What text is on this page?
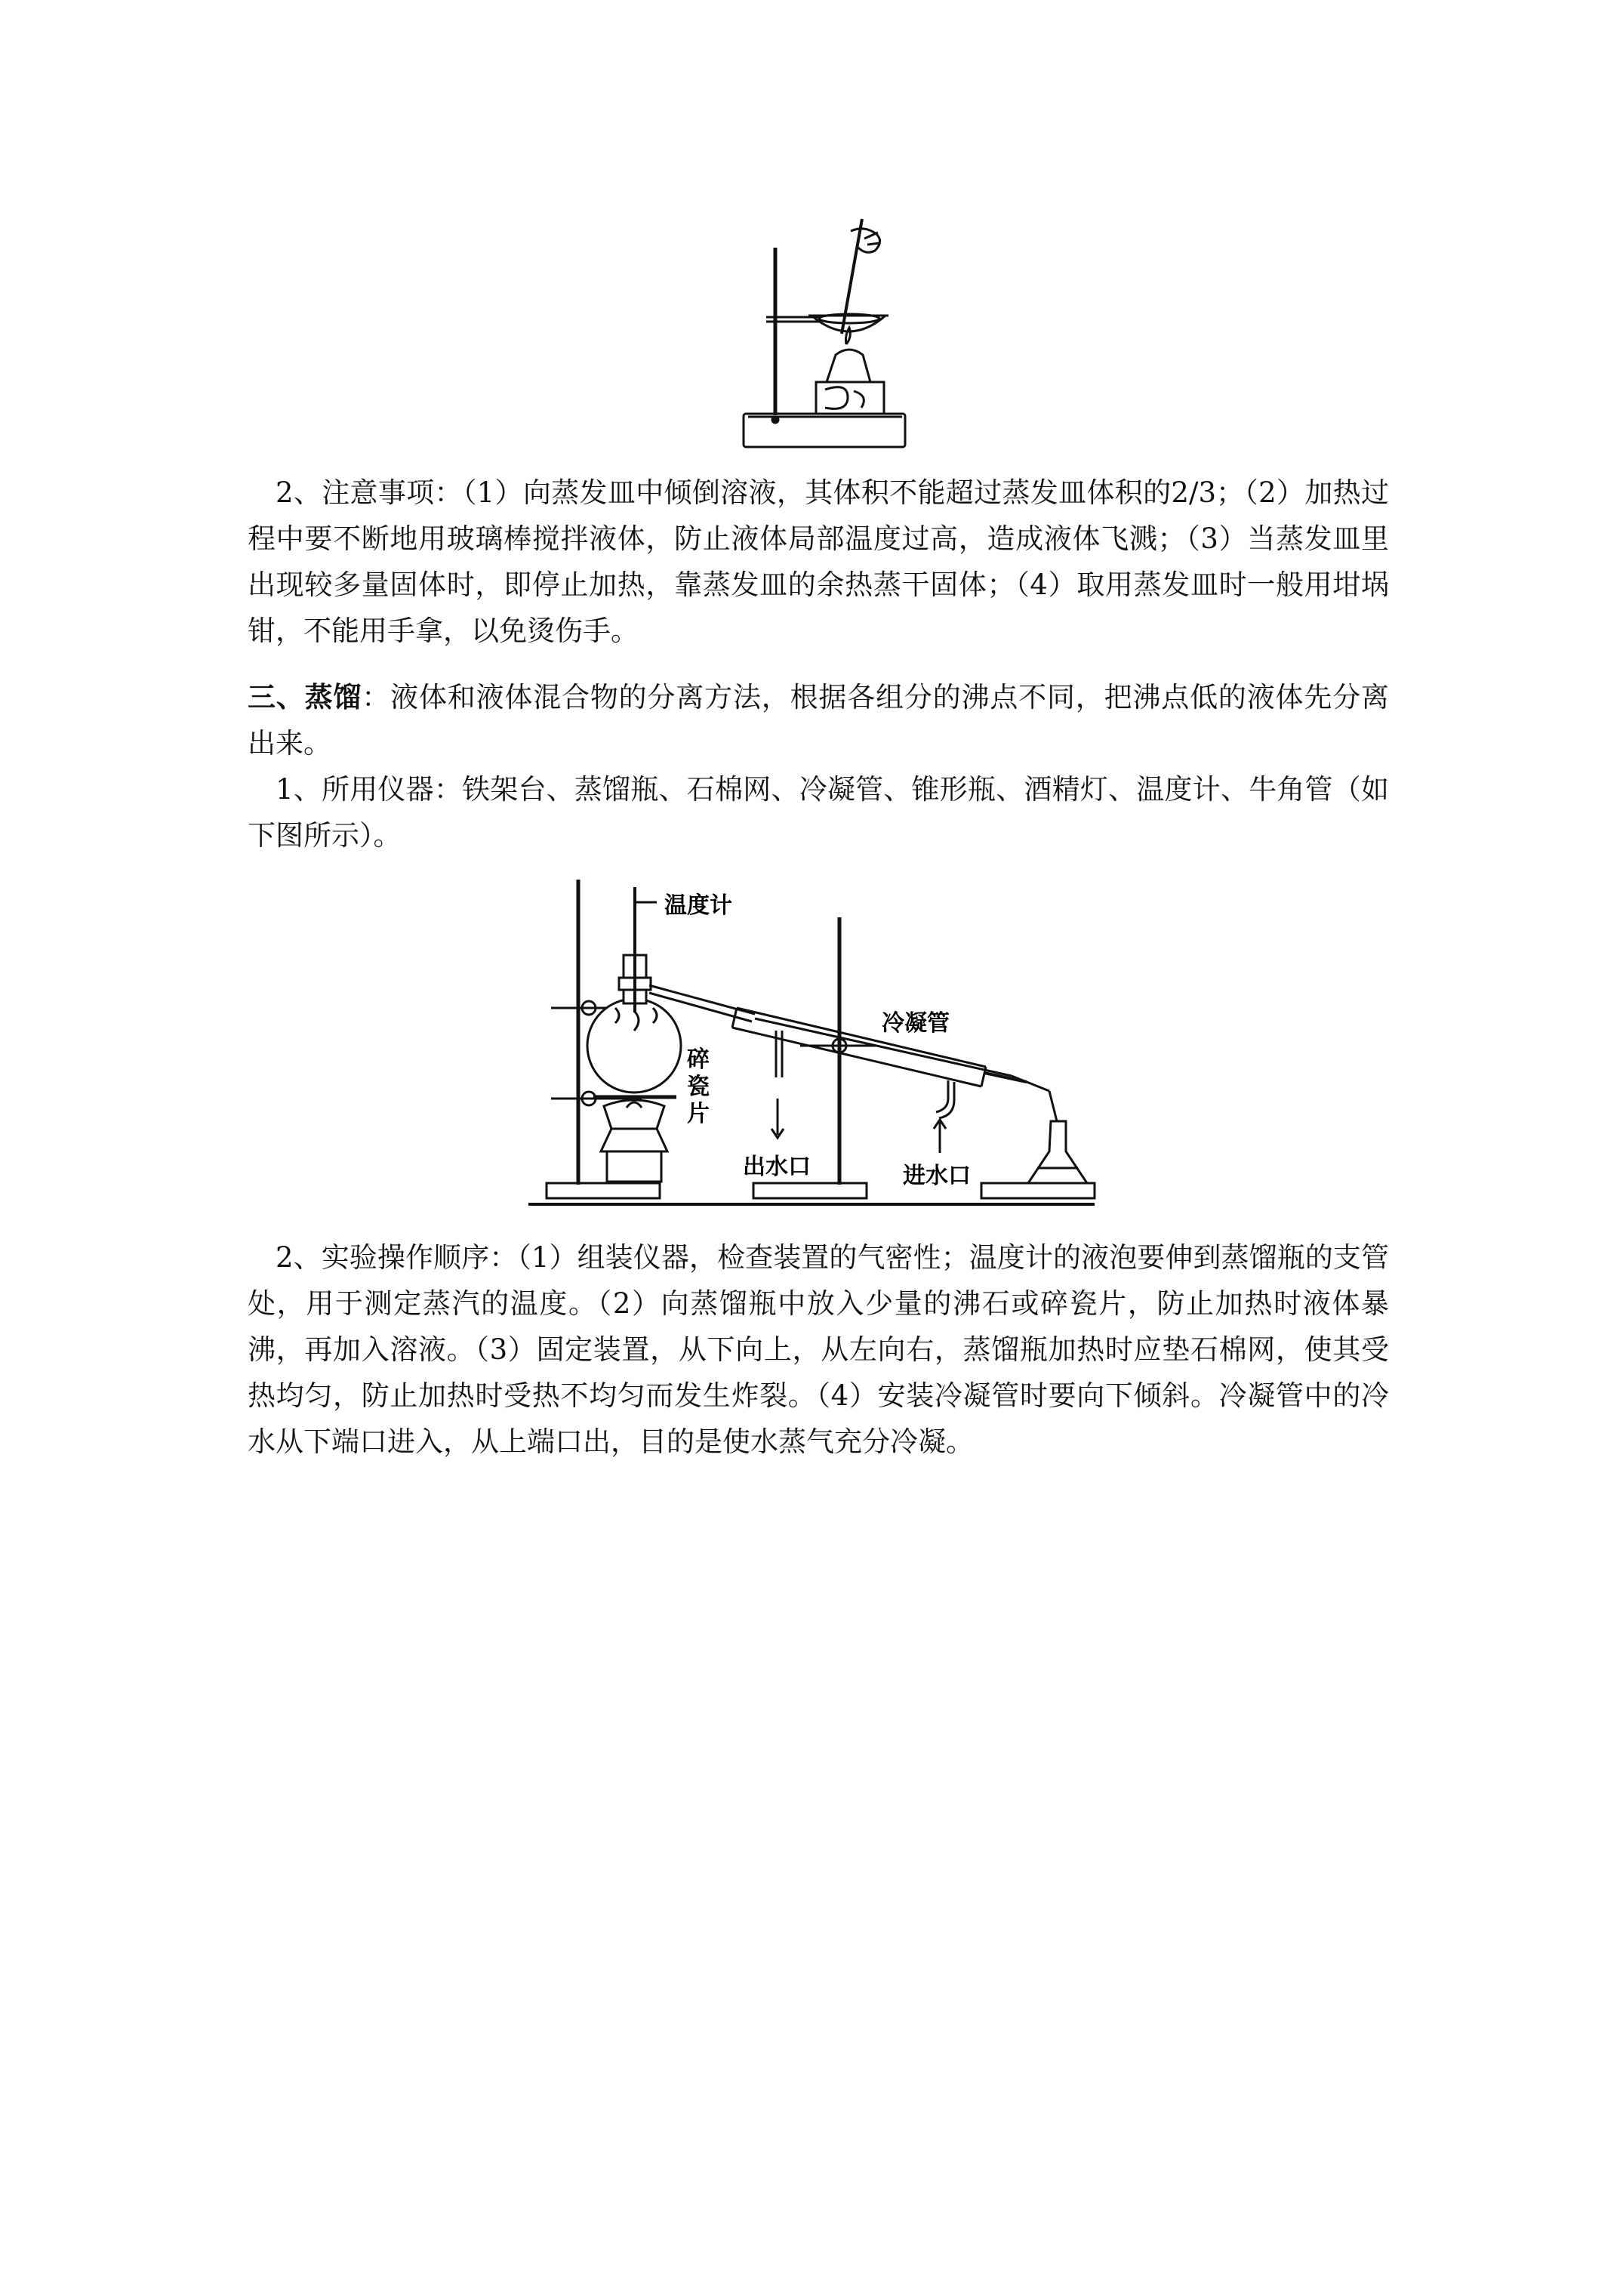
2、注意事项：（1）向蒸发皿中倾倒溶液，其体积不能超过蒸发皿体积的2/3；（2）加热过程中要不断地用玻璃棒搅拌液体，防止液体局部温度过高，造成液体飞溅；（3）当蒸发皿里出现较多量固体时，即停止加热，靠蒸发皿的余热蒸干固体；（4）取用蒸发皿时一般用坩埚钳，不能用手拿，以免烫伤手。

三、蒸馏：液体和液体混合物的分离方法，根据各组分的沸点不同，把沸点低的液体先分离出来。

1、所用仪器：铁架台、蒸馏瓶、石棉网、冷凝管、锥形瓶、酒精灯、温度计、牛角管（如下图所示）。

温度计
冷凝管
碎
瓷
片
出水口	进水口

2、实验操作顺序：（1）组装仪器，检查装置的气密性；温度计的液泡要伸到蒸馏瓶的支管处，用于测定蒸汽的温度。（2）向蒸馏瓶中放入少量的沸石或碎瓷片，防止加热时液体暴沸，再加入溶液。（3）固定装置，从下向上，从左向右，蒸馏瓶加热时应垫石棉网，使其受热均匀，防止加热时受热不均匀而发生炸裂。（4）安装冷凝管时要向下倾斜。冷凝管中的冷水从下端口进入，从上端口出，目的是使水蒸气充分冷凝。
